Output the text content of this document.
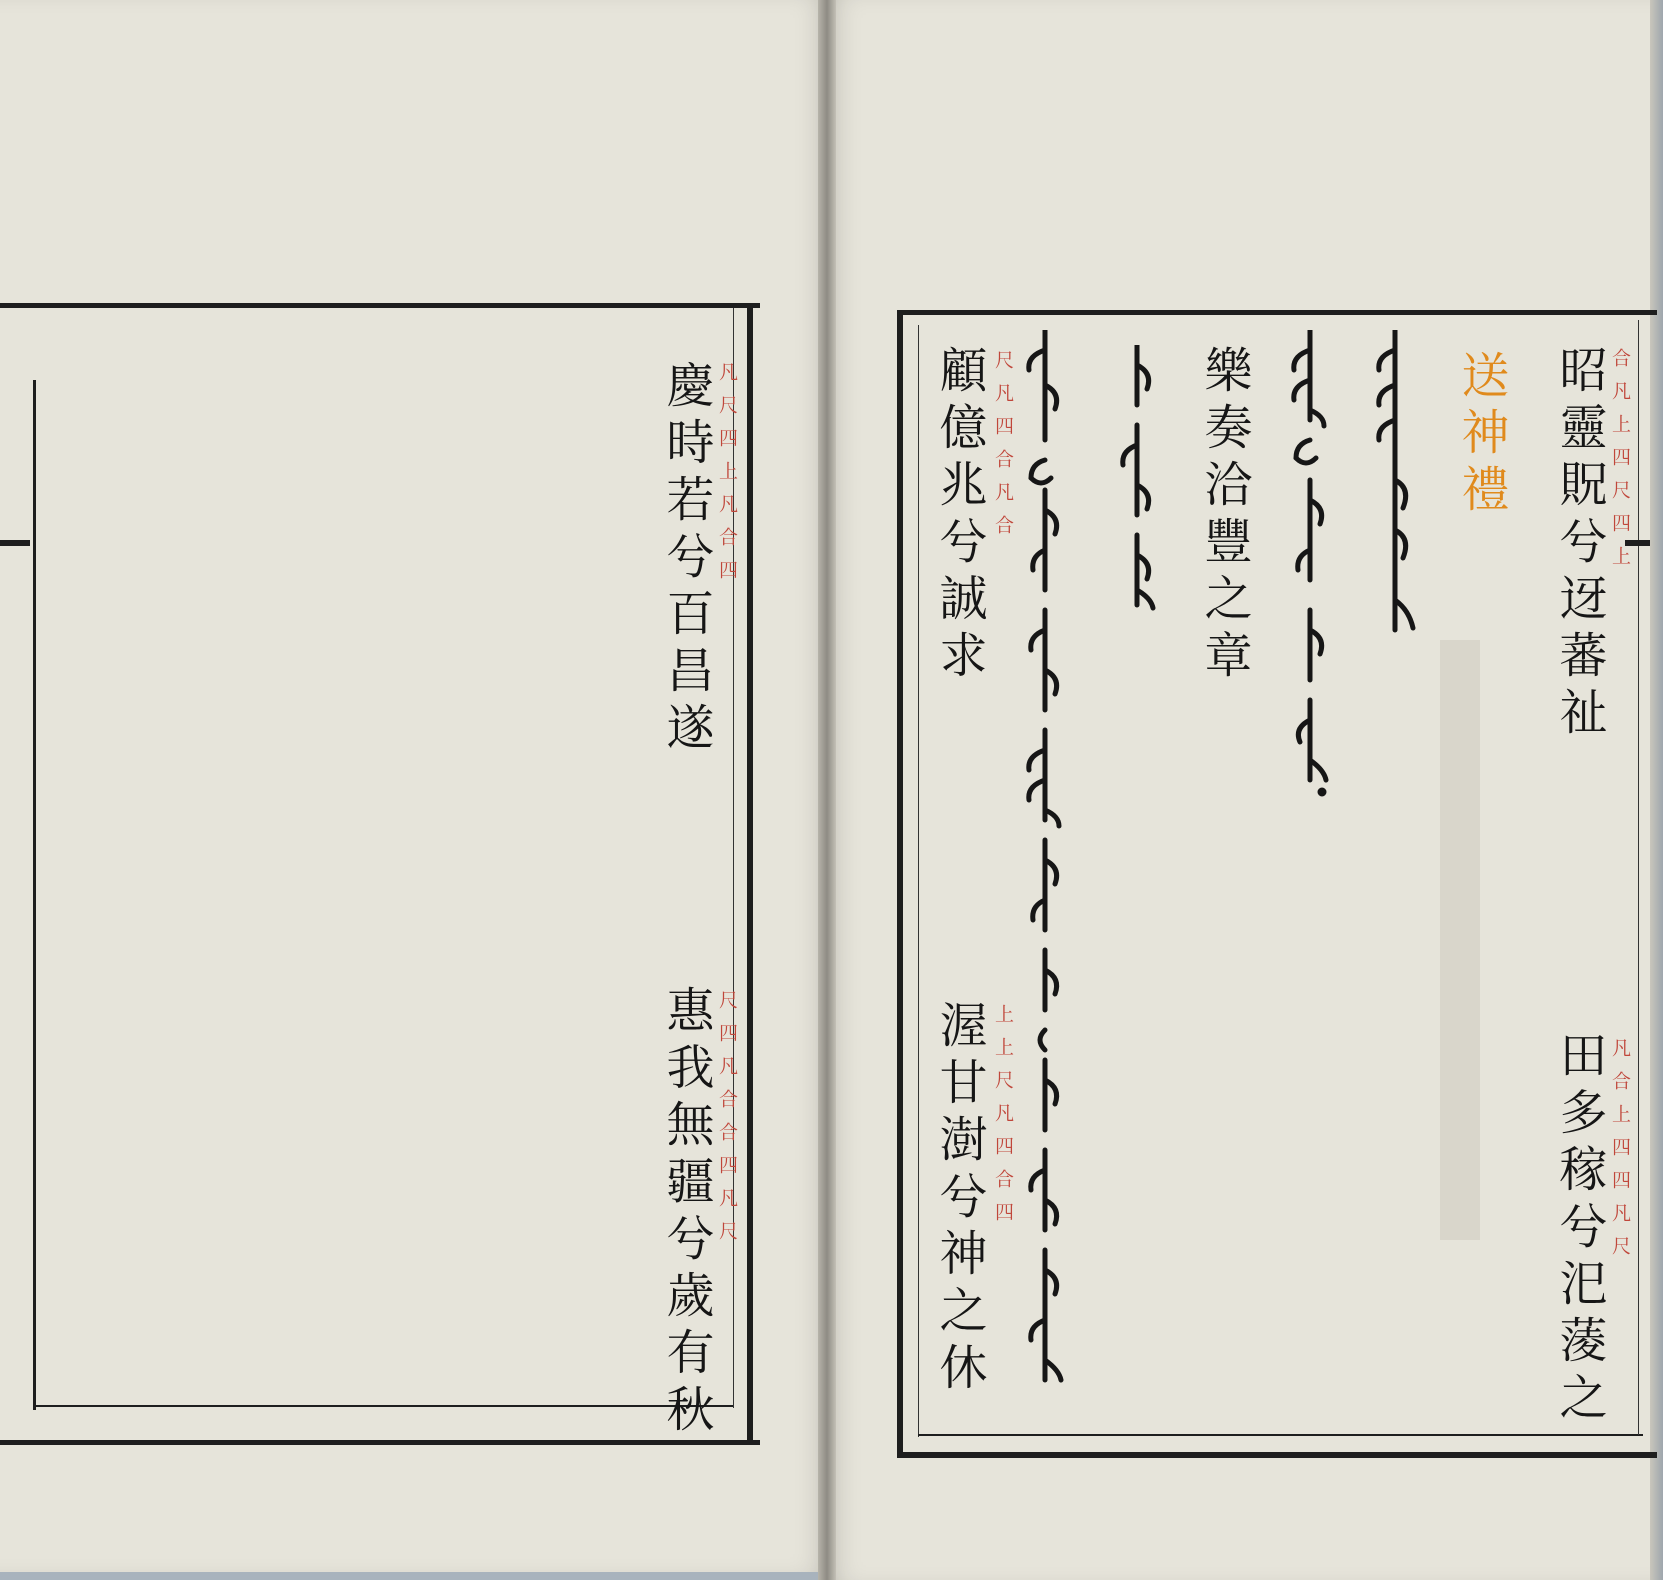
慶時若兮百昌遂 凡尺四上凡合四
惠我無疆兮歲有秋 尺四凡合合四凡尺
昭靈貺兮迓蕃祉 合凡上四尺四上
田多稼兮汜蔆之 凡合上四四凡尺
送神禮
樂奏洽豐之章
顧億兆兮誠求 尺凡四合凡合
渥甘澍兮神之休 上上尺凡四合四
